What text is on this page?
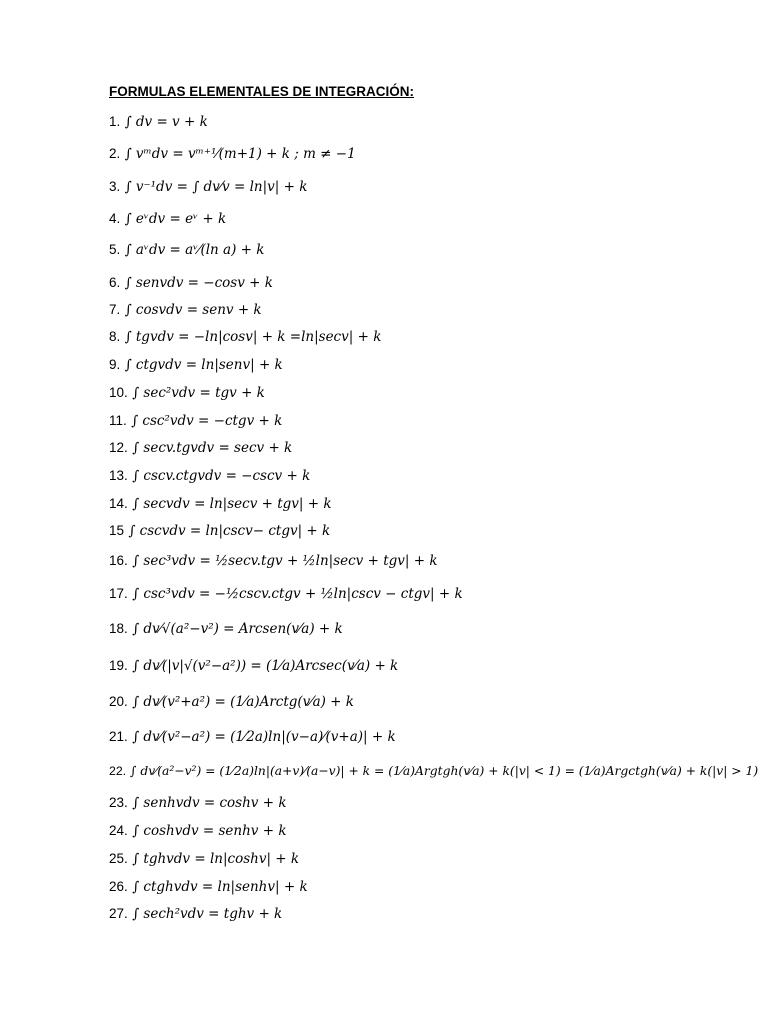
FORMULAS ELEMENTALES DE INTEGRACIÓN:
1. ∫ dv = v + k
2. ∫ vᵐdv = vᵐ⁺¹⁄(m+1) + k ; m ≠ −1
3. ∫ v⁻¹dv = ∫ dv⁄v = ln|v| + k
4. ∫ eᵛdv = eᵛ + k
5. ∫ aᵛdv = aᵛ⁄(ln a) + k
6. ∫ senvdv = −cosv + k
7. ∫ cosvdv = senv + k
8. ∫ tgvdv = −ln|cosv| + k =ln|secv| + k
9. ∫ ctgvdv = ln|senv| + k
10. ∫ sec²vdv = tgv + k
11. ∫ csc²vdv = −ctgv + k
12. ∫ secv.tgvdv = secv + k
13. ∫ cscv.ctgvdv = −cscv + k
14. ∫ secvdv = ln|secv + tgv| + k
15 ∫ cscvdv = ln|cscv− ctgv| + k
16. ∫ sec³vdv = ½secv.tgv + ½ln|secv + tgv| + k
17. ∫ csc³vdv = −½cscv.ctgv + ½ln|cscv − ctgv| + k
18. ∫ dv⁄√(a²−v²) = Arcsen(v⁄a) + k
19. ∫ dv⁄(|v|√(v²−a²)) = (1⁄a)Arcsec(v⁄a) + k
20. ∫ dv⁄(v²+a²) = (1⁄a)Arctg(v⁄a) + k
21. ∫ dv⁄(v²−a²) = (1⁄2a)ln|(v−a)⁄(v+a)| + k
22. ∫ dv⁄(a²−v²) = (1⁄2a)ln|(a+v)⁄(a−v)| + k = (1⁄a)Argtgh(v⁄a) + k(|v| < 1) = (1⁄a)Argctgh(v⁄a) + k(|v| > 1)
23. ∫ senhvdv = coshv + k
24. ∫ coshvdv = senhv + k
25. ∫ tghvdv = ln|coshv| + k
26. ∫ ctghvdv = ln|senhv| + k
27. ∫ sech²vdv = tghv + k
